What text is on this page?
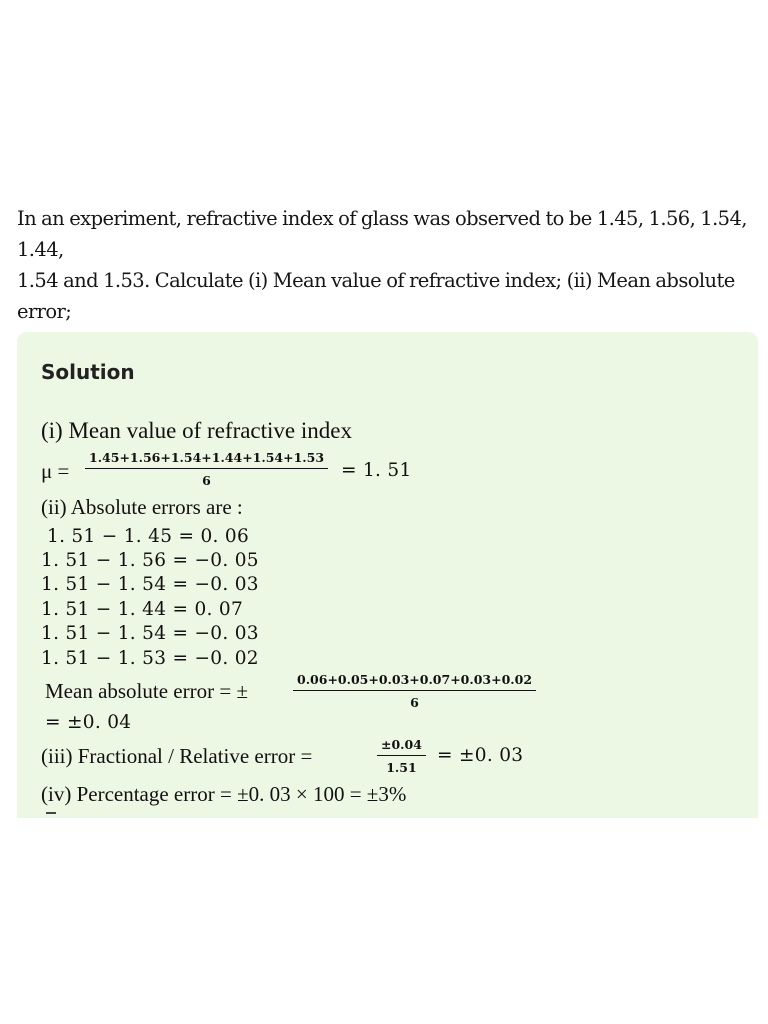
In an experiment, refractive index of glass was observed to be 1.45, 1.56, 1.54, 1.44,
1.54 and 1.53. Calculate (i) Mean value of refractive index; (ii) Mean absolute error;

Solution
(i) Mean value of refractive index
$\mu = \frac{1.45+1.56+1.54+1.44+1.54+1.53}{6} = 1$. 51
(ii) Absolute errors are :
1. 51 − 1. 45 = 0. 06
1. 51 − 1. 56 = −0. 05
1. 51 − 1. 54 = −0. 03
1. 51 − 1. 44 = 0. 07
1. 51 − 1. 54 = −0. 03
1. 51 − 1. 53 = −0. 02
Mean absolute error = ±	$\frac{0.06+0.05+0.03+0.07+0.03+0.02}{6}$
= ±0. 04
(iii) Fractional / Relative error =	$\frac{\pm 0.04}{1.51} = \pm 0$. 03
(iv) Percentage error = ±0. 03 × 100 = ±3%
